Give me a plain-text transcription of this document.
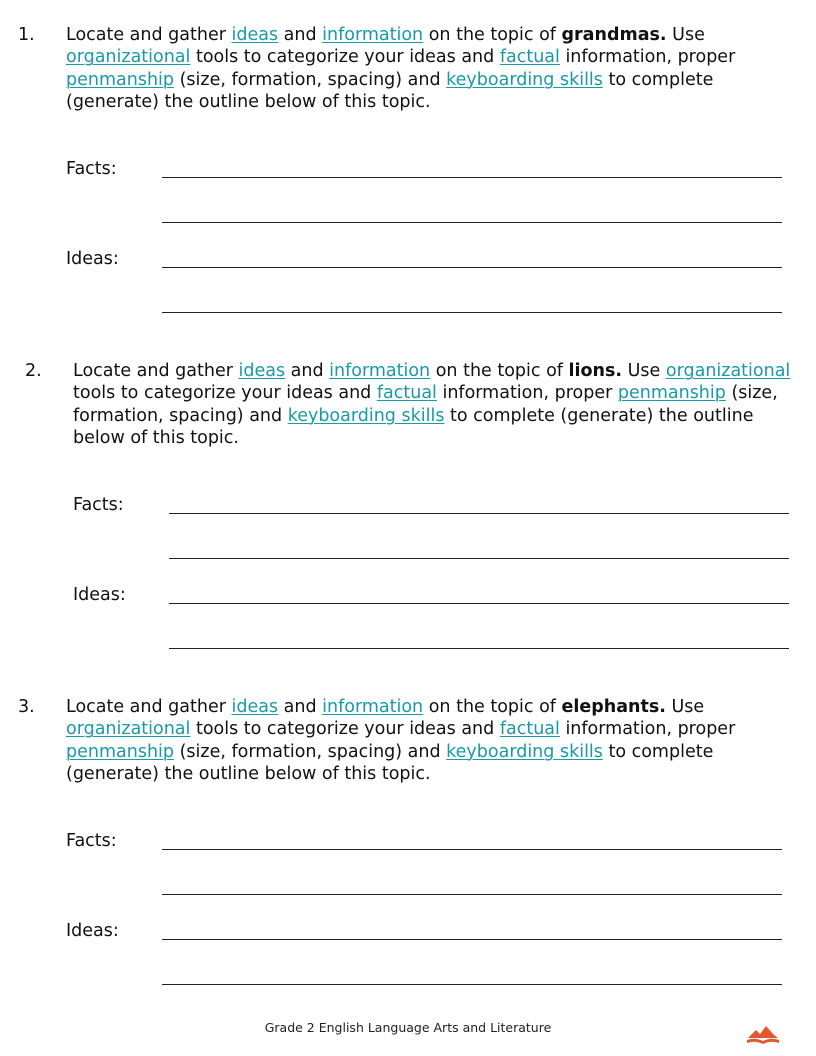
1. Locate and gather ideas and information on the topic of grandmas. Use
organizational tools to categorize your ideas and factual information, proper
penmanship (size, formation, spacing) and keyboarding skills to complete
(generate) the outline below of this topic.
Facts:
Ideas:
2. Locate and gather ideas and information on the topic of lions. Use organizational
tools to categorize your ideas and factual information, proper penmanship (size,
formation, spacing) and keyboarding skills to complete (generate) the outline
below of this topic.
Facts:
Ideas:
3. Locate and gather ideas and information on the topic of elephants. Use
organizational tools to categorize your ideas and factual information, proper
penmanship (size, formation, spacing) and keyboarding skills to complete
(generate) the outline below of this topic.
Facts:
Ideas:
Grade 2 English Language Arts and Literature
